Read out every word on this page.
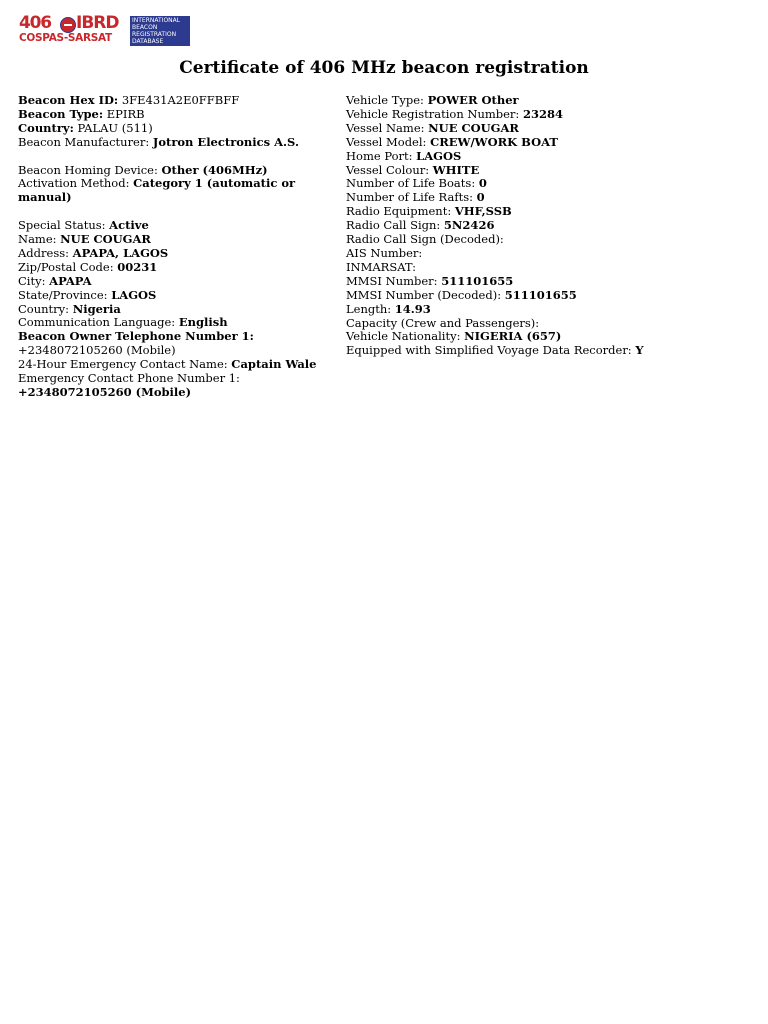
406 IBRD
COSPAS-SARSAT
INTERNATIONAL
BEACON
REGISTRATION
DATABASE
Certificate of 406 MHz beacon registration
Beacon Hex ID: 3FE431A2E0FFBFF
Beacon Type: EPIRB
Country: PALAU (511)
Beacon Manufacturer: Jotron Electronics A.S.
Beacon Homing Device: Other (406MHz)
Activation Method: Category 1 (automatic or manual)
Special Status: Active
Name: NUE COUGAR
Address: APAPA, LAGOS
Zip/Postal Code: 00231
City: APAPA
State/Province: LAGOS
Country: Nigeria
Communication Language: English
Beacon Owner Telephone Number 1:
+2348072105260 (Mobile)
24-Hour Emergency Contact Name: Captain Wale
Emergency Contact Phone Number 1:
+2348072105260 (Mobile)
Vehicle Type: POWER Other
Vehicle Registration Number: 23284
Vessel Name: NUE COUGAR
Vessel Model: CREW/WORK BOAT
Home Port: LAGOS
Vessel Colour: WHITE
Number of Life Boats: 0
Number of Life Rafts: 0
Radio Equipment: VHF,SSB
Radio Call Sign: 5N2426
Radio Call Sign (Decoded):
AIS Number:
INMARSAT:
MMSI Number: 511101655
MMSI Number (Decoded): 511101655
Length: 14.93
Capacity (Crew and Passengers):
Vehicle Nationality: NIGERIA (657)
Equipped with Simplified Voyage Data Recorder: Y
